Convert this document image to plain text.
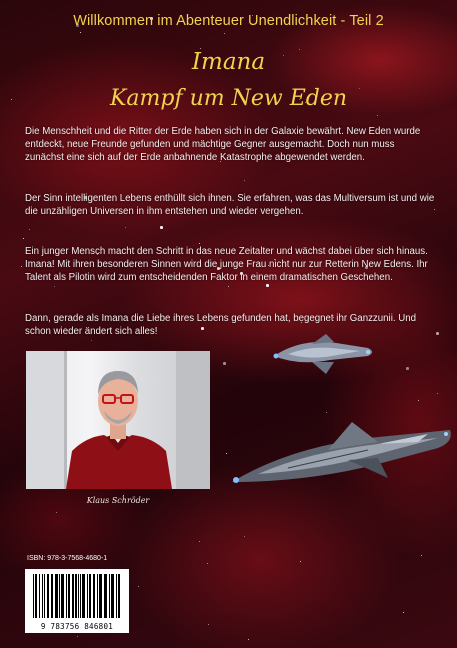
Willkommen im Abenteuer Unendlichkeit - Teil 2
Imana
Kampf um New Eden
Die Menschheit und die Ritter der Erde haben sich in der Galaxie bewährt. New Eden wurde entdeckt, neue Freunde gefunden und mächtige Gegner ausgemacht. Doch nun muss zunächst eine sich auf der Erde anbahnende Katastrophe abgewendet werden.
Der Sinn intelligenten Lebens enthüllt sich ihnen. Sie erfahren, was das Multiversum ist und wie die unzähligen Universen in ihm entstehen und wieder vergehen.
Ein junger Mensch macht den Schritt in das neue Zeitalter und wächst dabei über sich hinaus. Imana! Mit ihren besonderen Sinnen wird die junge Frau nicht nur zur Retterin New Edens. Ihr Talent als Pilotin wird zum entscheidenden Faktor in einem dramatischen Geschehen.
Dann, gerade als Imana die Liebe ihres Lebens gefunden hat, begegnet ihr Ganzzunii. Und schon wieder ändert sich alles!
Klaus Schröder
ISBN: 978-3-7568-4680-1
9 783756 846801
